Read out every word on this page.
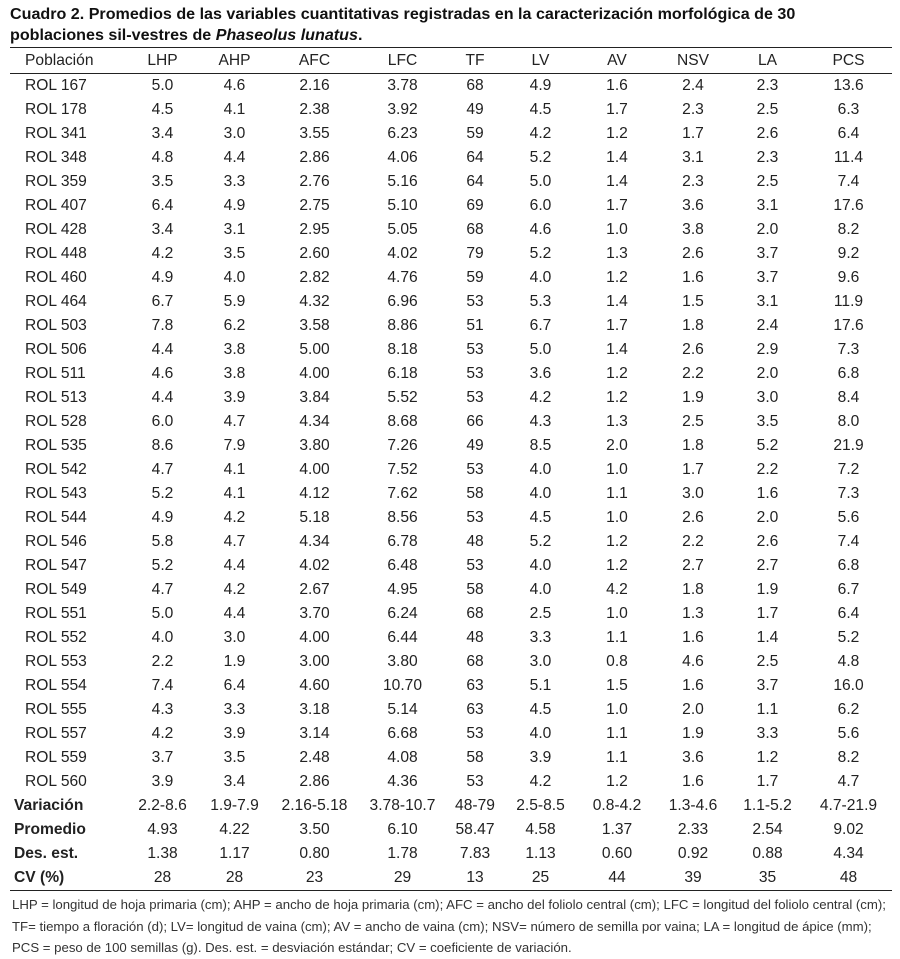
Cuadro 2. Promedios de las variables cuantitativas registradas en la caracterización morfológica de 30 poblaciones sil-vestres de Phaseolus lunatus.
Población	LHP	AHP	AFC	LFC	TF	LV	AV	NSV	LA	PCS
ROL 167	5.0	4.6	2.16	3.78	68	4.9	1.6	2.4	2.3	13.6
ROL 178	4.5	4.1	2.38	3.92	49	4.5	1.7	2.3	2.5	6.3
ROL 341	3.4	3.0	3.55	6.23	59	4.2	1.2	1.7	2.6	6.4
ROL 348	4.8	4.4	2.86	4.06	64	5.2	1.4	3.1	2.3	11.4
ROL 359	3.5	3.3	2.76	5.16	64	5.0	1.4	2.3	2.5	7.4
ROL 407	6.4	4.9	2.75	5.10	69	6.0	1.7	3.6	3.1	17.6
ROL 428	3.4	3.1	2.95	5.05	68	4.6	1.0	3.8	2.0	8.2
ROL 448	4.2	3.5	2.60	4.02	79	5.2	1.3	2.6	3.7	9.2
ROL 460	4.9	4.0	2.82	4.76	59	4.0	1.2	1.6	3.7	9.6
ROL 464	6.7	5.9	4.32	6.96	53	5.3	1.4	1.5	3.1	11.9
ROL 503	7.8	6.2	3.58	8.86	51	6.7	1.7	1.8	2.4	17.6
ROL 506	4.4	3.8	5.00	8.18	53	5.0	1.4	2.6	2.9	7.3
ROL 511	4.6	3.8	4.00	6.18	53	3.6	1.2	2.2	2.0	6.8
ROL 513	4.4	3.9	3.84	5.52	53	4.2	1.2	1.9	3.0	8.4
ROL 528	6.0	4.7	4.34	8.68	66	4.3	1.3	2.5	3.5	8.0
ROL 535	8.6	7.9	3.80	7.26	49	8.5	2.0	1.8	5.2	21.9
ROL 542	4.7	4.1	4.00	7.52	53	4.0	1.0	1.7	2.2	7.2
ROL 543	5.2	4.1	4.12	7.62	58	4.0	1.1	3.0	1.6	7.3
ROL 544	4.9	4.2	5.18	8.56	53	4.5	1.0	2.6	2.0	5.6
ROL 546	5.8	4.7	4.34	6.78	48	5.2	1.2	2.2	2.6	7.4
ROL 547	5.2	4.4	4.02	6.48	53	4.0	1.2	2.7	2.7	6.8
ROL 549	4.7	4.2	2.67	4.95	58	4.0	4.2	1.8	1.9	6.7
ROL 551	5.0	4.4	3.70	6.24	68	2.5	1.0	1.3	1.7	6.4
ROL 552	4.0	3.0	4.00	6.44	48	3.3	1.1	1.6	1.4	5.2
ROL 553	2.2	1.9	3.00	3.80	68	3.0	0.8	4.6	2.5	4.8
ROL 554	7.4	6.4	4.60	10.70	63	5.1	1.5	1.6	3.7	16.0
ROL 555	4.3	3.3	3.18	5.14	63	4.5	1.0	2.0	1.1	6.2
ROL 557	4.2	3.9	3.14	6.68	53	4.0	1.1	1.9	3.3	5.6
ROL 559	3.7	3.5	2.48	4.08	58	3.9	1.1	3.6	1.2	8.2
ROL 560	3.9	3.4	2.86	4.36	53	4.2	1.2	1.6	1.7	4.7
Variación	2.2-8.6	1.9-7.9	2.16-5.18	3.78-10.7	48-79	2.5-8.5	0.8-4.2	1.3-4.6	1.1-5.2	4.7-21.9
Promedio	4.93	4.22	3.50	6.10	58.47	4.58	1.37	2.33	2.54	9.02
Des. est.	1.38	1.17	0.80	1.78	7.83	1.13	0.60	0.92	0.88	4.34
CV (%)	28	28	23	29	13	25	44	39	35	48
LHP = longitud de hoja primaria (cm); AHP = ancho de hoja primaria (cm); AFC = ancho del foliolo central (cm); LFC = longitud del foliolo central (cm);
TF= tiempo a floración (d); LV= longitud de vaina (cm); AV = ancho de vaina (cm); NSV= número de semilla por vaina; LA = longitud de ápice (mm);
PCS = peso de 100 semillas (g). Des. est. = desviación estándar; CV = coeficiente de variación.
